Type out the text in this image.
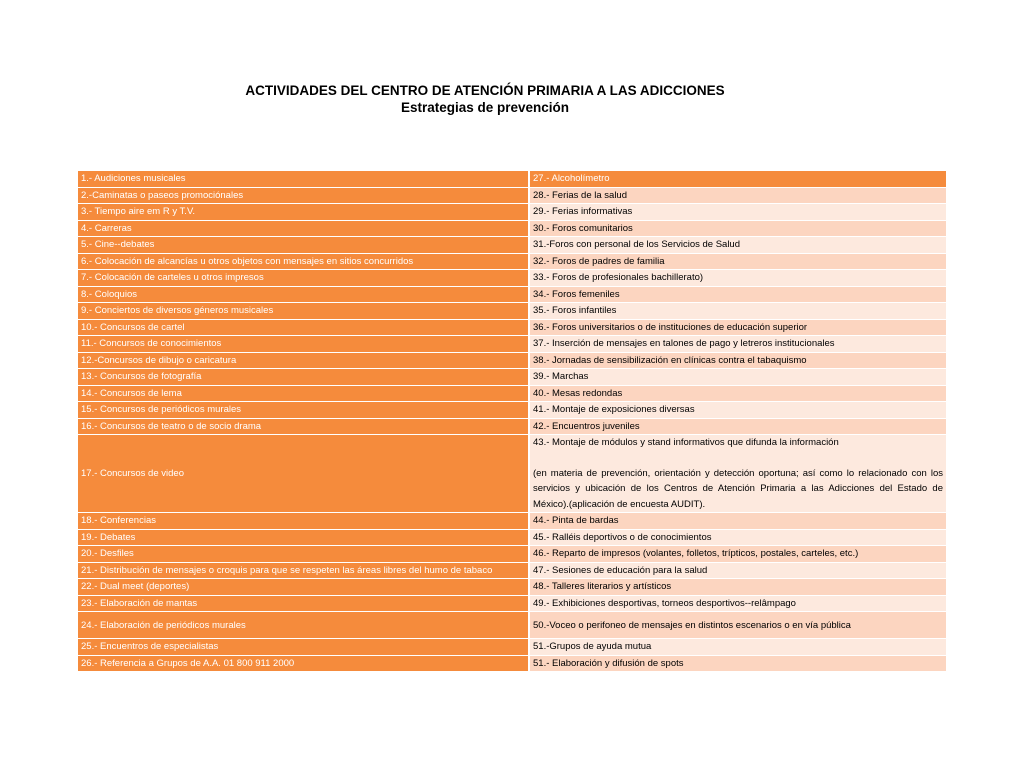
ACTIVIDADES DEL CENTRO DE ATENCIÓN PRIMARIA A LAS ADICCIONES
Estrategias de prevención
1.- Audiciones musicales	27.- Alcoholímetro
2.-Caminatas o paseos promociónales	28.- Ferias de la salud
3.- Tiempo aire em R y T.V.	29.- Ferias informativas
4.- Carreras	30.- Foros comunitarios
5.- Cine--debates	31.-Foros con personal de los Servicios de Salud
6.- Colocación de alcancías u otros objetos con mensajes en sitios concurridos	32.- Foros de padres de familia
7.- Colocación de carteles u otros impresos	33.- Foros de profesionales bachillerato)
8.- Coloquios	34.- Foros femeniles
9.- Conciertos de diversos géneros musicales	35.- Foros infantiles
10.- Concursos de cartel	36.- Foros universitarios o de instituciones de educación superior
11.- Concursos de conocimientos	37.- Inserción de mensajes en talones de pago y letreros institucionales
12.-Concursos de dibujo o caricatura	38.- Jornadas de sensibilización en clínicas contra el tabaquismo
13.- Concursos de fotografía	39.- Marchas
14.- Concursos de lema	40.- Mesas redondas
15.- Concursos de periódicos murales	41.- Montaje de exposiciones diversas
16.- Concursos de teatro o de socio drama	42.- Encuentros juveniles
17.- Concursos de video	43.- Montaje de módulos y stand informativos que difunda la información
(en materia de prevención, orientación y detección oportuna; así como lo relacionado con los servicios y ubicación de los Centros de Atención Primaria a las Adicciones del Estado de México).(aplicación de encuesta AUDIT).
18.- Conferencias	44.- Pinta de bardas
19.- Debates	45.- Ralléis deportivos o de conocimientos
20.- Desfiles	46.- Reparto de impresos (volantes, folletos, trípticos, postales, carteles, etc.)
21.- Distribución de mensajes o croquis para que se respeten las áreas libres del humo de tabaco	47.- Sesiones de educación para la salud
22.- Dual meet (deportes)	48.- Talleres literarios y artísticos
23.- Elaboración de mantas	49.- Exhibiciones desportivas, torneos desportivos--relâmpago
24.- Elaboración de periódicos murales	50.-Voceo o perifoneo de mensajes en distintos escenarios o en vía pública
25.- Encuentros de especialistas	51.-Grupos de ayuda mutua
26.- Referencia a Grupos de A.A. 01 800 911 2000	51.- Elaboración y difusión de spots
